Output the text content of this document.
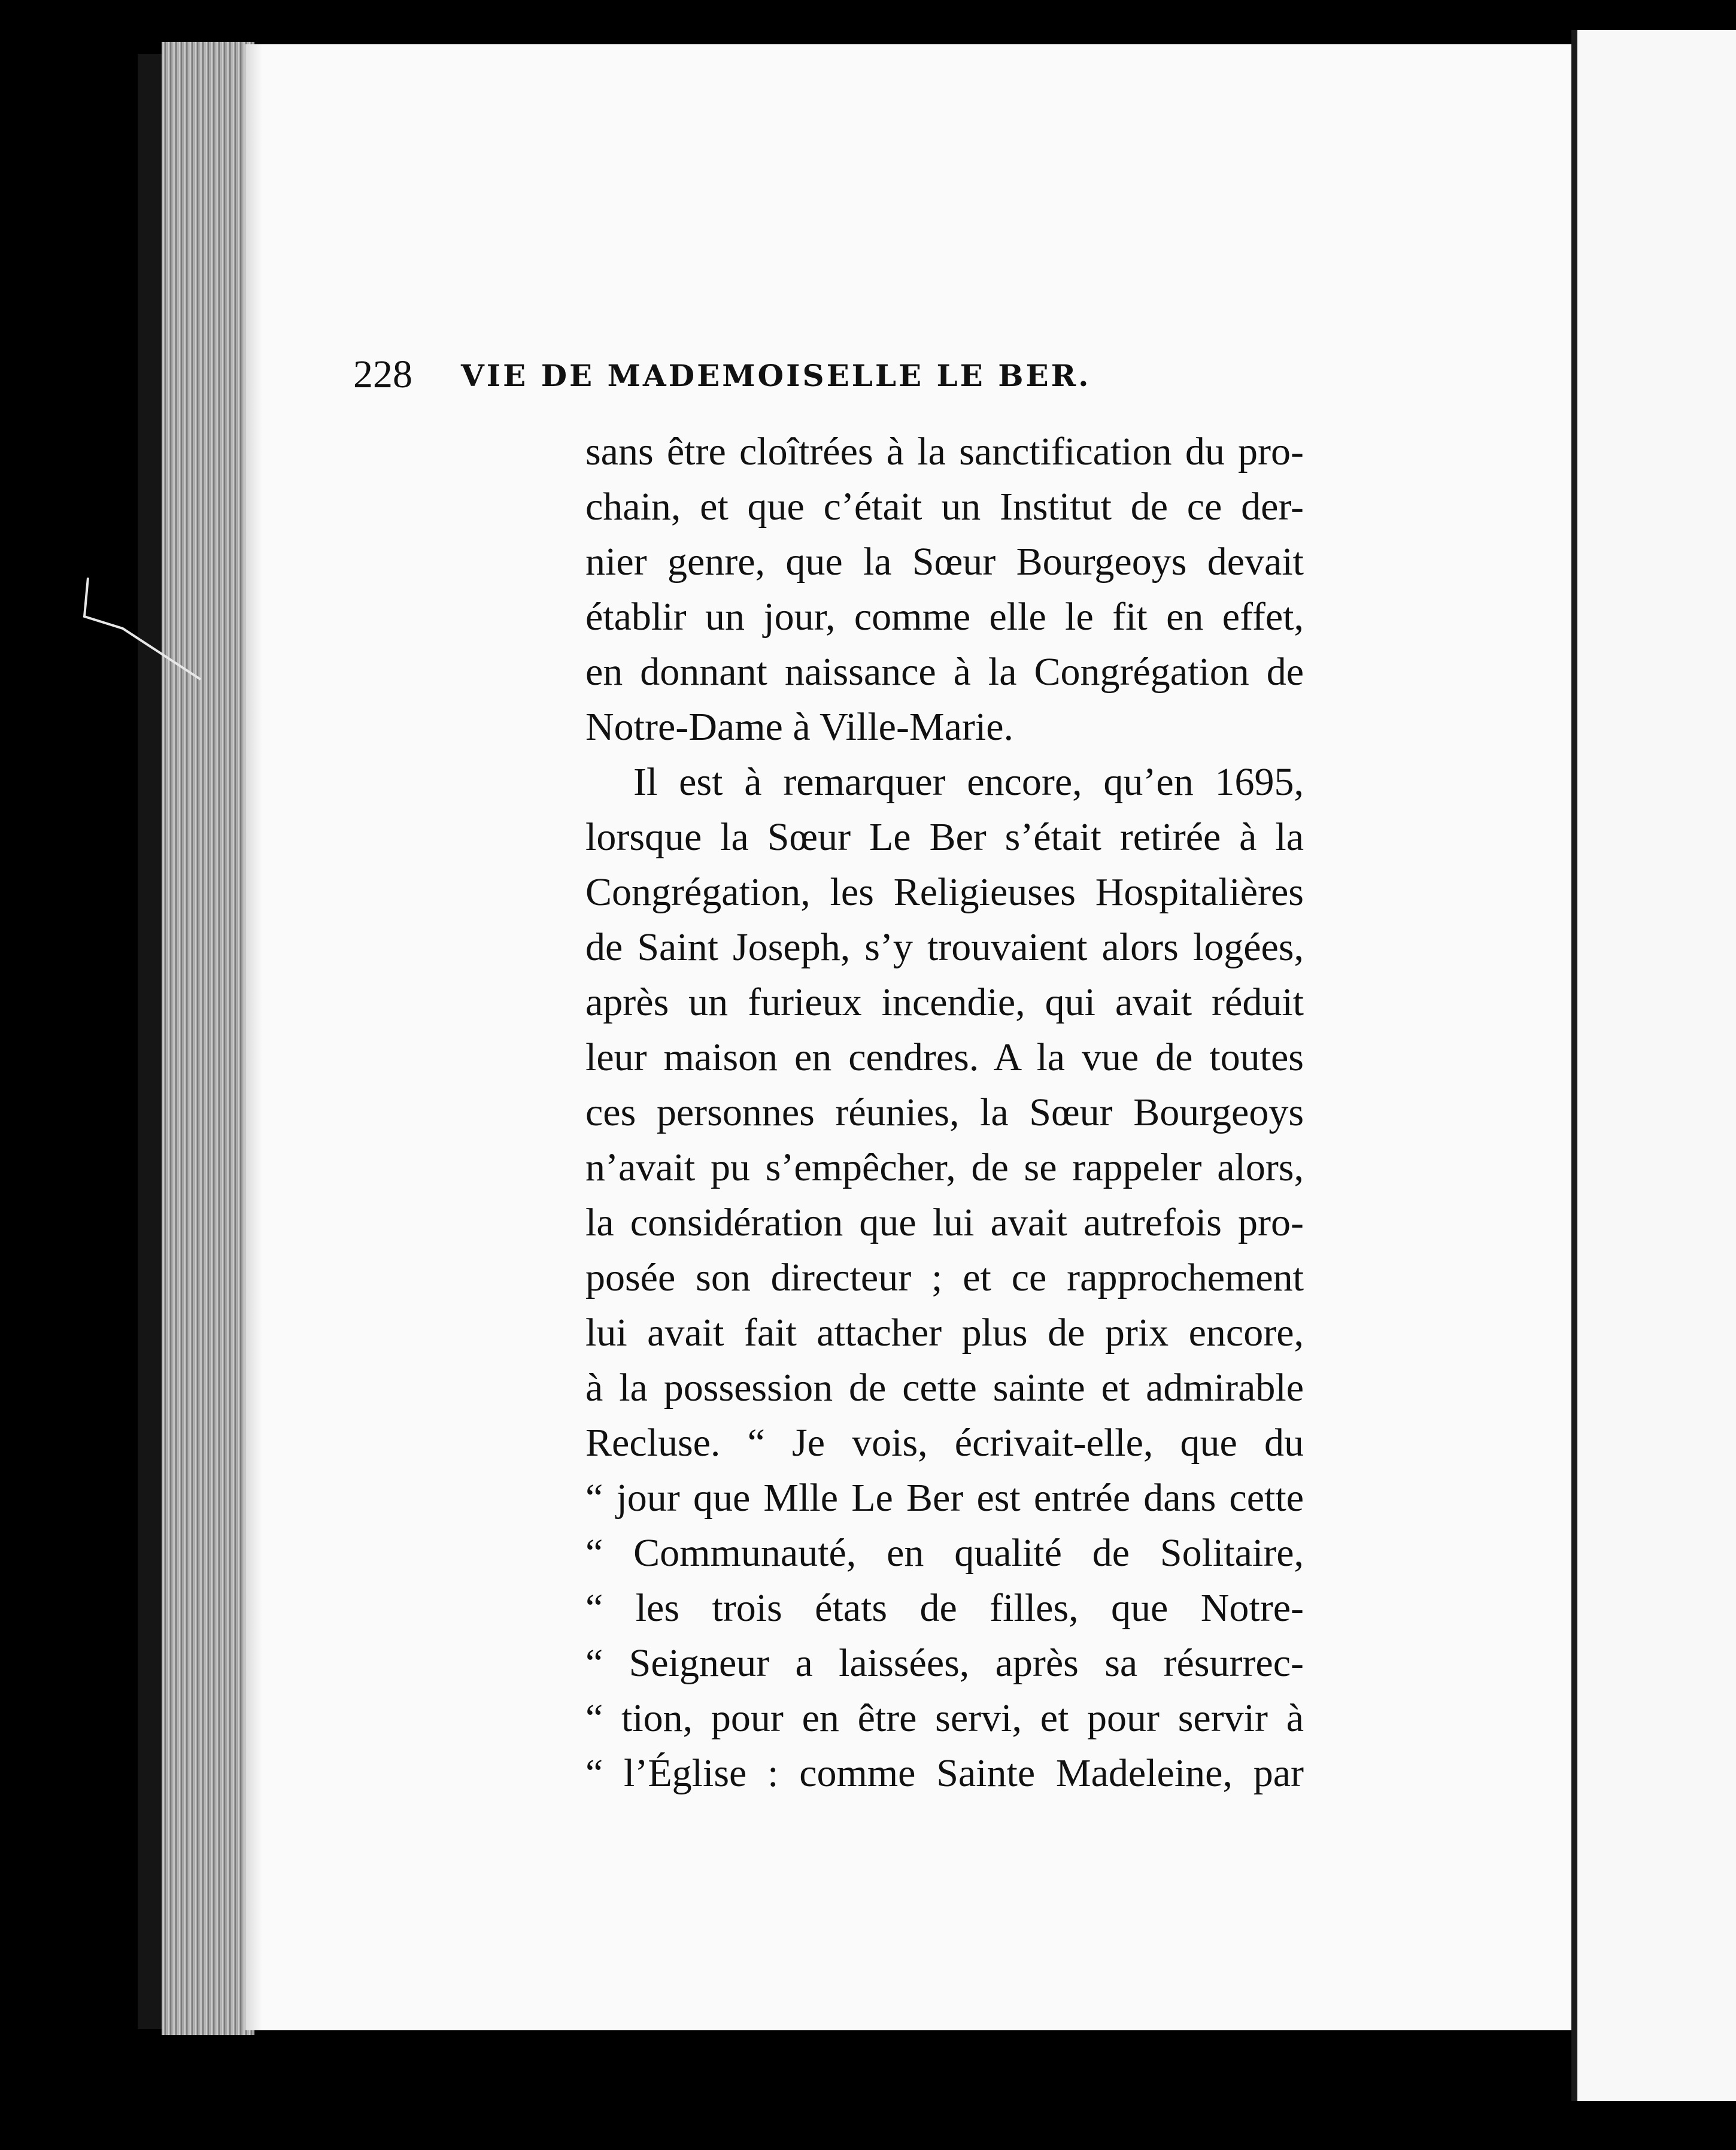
228 VIE DE MADEMOISELLE LE BER.
sans être cloîtrées à la sanctification du pro-
chain, et que c’était un Institut de ce der-
nier genre, que la Sœur Bourgeoys devait
établir un jour, comme elle le fit en effet,
en donnant naissance à la Congrégation de
Notre-Dame à Ville-Marie.
Il est à remarquer encore, qu’en 1695,
lorsque la Sœur Le Ber s’était retirée à la
Congrégation, les Religieuses Hospitalières
de Saint Joseph, s’y trouvaient alors logées,
après un furieux incendie, qui avait réduit
leur maison en cendres. A la vue de toutes
ces personnes réunies, la Sœur Bourgeoys
n’avait pu s’empêcher, de se rappeler alors,
la considération que lui avait autrefois pro-
posée son directeur ; et ce rapprochement
lui avait fait attacher plus de prix encore,
à la possession de cette sainte et admirable
Recluse. “ Je vois, écrivait-elle, que du
“ jour que Mlle Le Ber est entrée dans cette
“ Communauté, en qualité de Solitaire,
“ les trois états de filles, que Notre-
“ Seigneur a laissées, après sa résurrec-
“ tion, pour en être servi, et pour servir à
“ l’Église : comme Sainte Madeleine, par
